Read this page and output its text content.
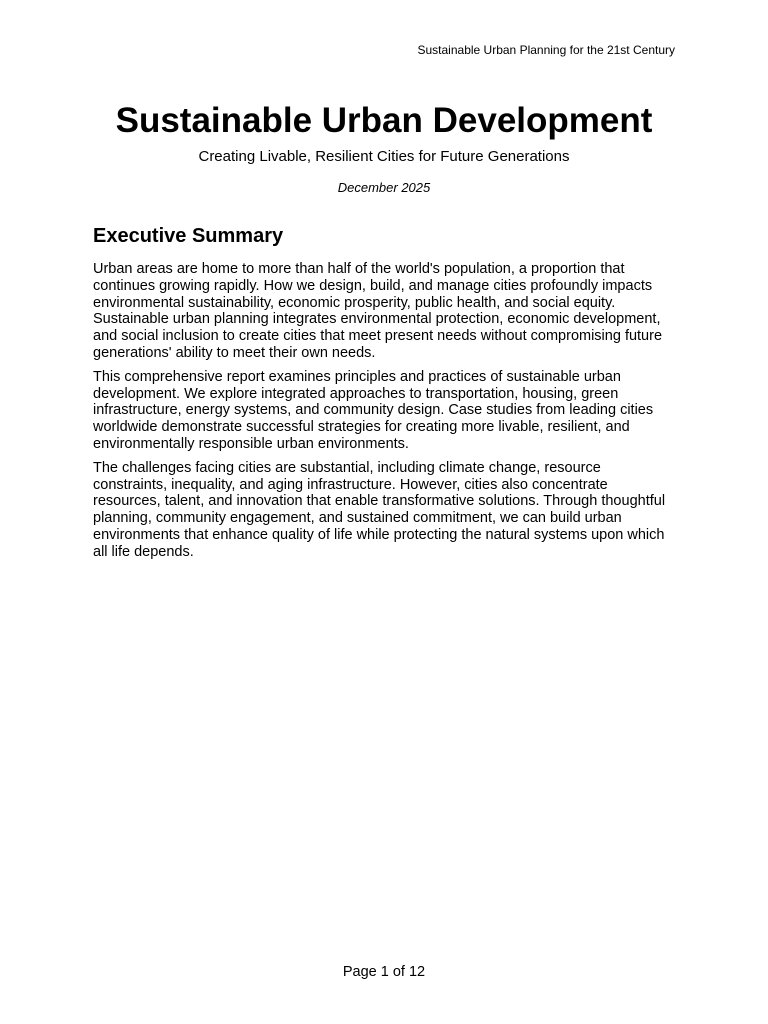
Sustainable Urban Planning for the 21st Century
Sustainable Urban Development
Creating Livable, Resilient Cities for Future Generations
December 2025
Executive Summary

Urban areas are home to more than half of the world's population, a proportion that continues growing rapidly. How we design, build, and manage cities profoundly impacts environmental sustainability, economic prosperity, public health, and social equity. Sustainable urban planning integrates environmental protection, economic development, and social inclusion to create cities that meet present needs without compromising future generations' ability to meet their own needs.

This comprehensive report examines principles and practices of sustainable urban development. We explore integrated approaches to transportation, housing, green infrastructure, energy systems, and community design. Case studies from leading cities worldwide demonstrate successful strategies for creating more livable, resilient, and environmentally responsible urban environments.

The challenges facing cities are substantial, including climate change, resource constraints, inequality, and aging infrastructure. However, cities also concentrate resources, talent, and innovation that enable transformative solutions. Through thoughtful planning, community engagement, and sustained commitment, we can build urban environments that enhance quality of life while protecting the natural systems upon which all life depends.

Page 1 of 12
